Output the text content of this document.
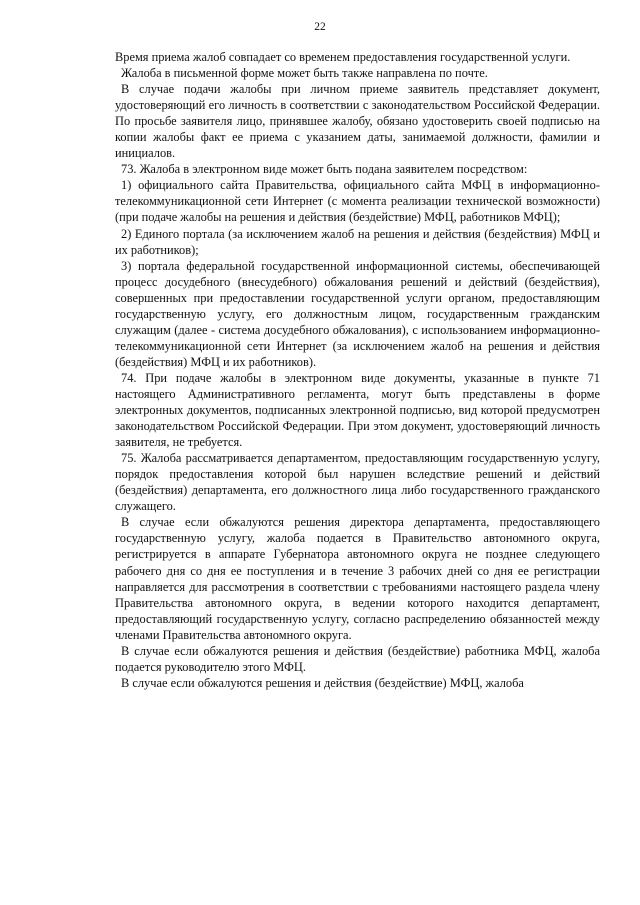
22

Время приема жалоб совпадает со временем предоставления государственной услуги.

Жалоба в письменной форме может быть также направлена по почте.

В случае подачи жалобы при личном приеме заявитель представляет документ, удостоверяющий его личность в соответствии с законодательством Российской Федерации. По просьбе заявителя лицо, принявшее жалобу, обязано удостоверить своей подписью на копии жалобы факт ее приема с указанием даты, занимаемой должности, фамилии и инициалов.

73. Жалоба в электронном виде может быть подана заявителем посредством:

1) официального сайта Правительства, официального сайта МФЦ в информационно-телекоммуникационной сети Интернет (с момента реализации технической возможности) (при подаче жалобы на решения и действия (бездействие) МФЦ, работников МФЦ);

2) Единого портала (за исключением жалоб на решения и действия (бездействия) МФЦ и их работников);

3) портала федеральной государственной информационной системы, обеспечивающей процесс досудебного (внесудебного) обжалования решений и действий (бездействия), совершенных при предоставлении государственной услуги органом, предоставляющим государственную услугу, его должностным лицом, государственным гражданским служащим (далее - система досудебного обжалования), с использованием информационно-телекоммуникационной сети Интернет (за исключением жалоб на решения и действия (бездействия) МФЦ и их работников).

74. При подаче жалобы в электронном виде документы, указанные в пункте 71 настоящего Административного регламента, могут быть представлены в форме электронных документов, подписанных электронной подписью, вид которой предусмотрен законодательством Российской Федерации. При этом документ, удостоверяющий личность заявителя, не требуется.

75. Жалоба рассматривается департаментом, предоставляющим государственную услугу, порядок предоставления которой был нарушен вследствие решений и действий (бездействия) департамента, его должностного лица либо государственного гражданского служащего.

В случае если обжалуются решения директора департамента, предоставляющего государственную услугу, жалоба подается в Правительство автономного округа, регистрируется в аппарате Губернатора автономного округа не позднее следующего рабочего дня со дня ее поступления и в течение 3 рабочих дней со дня ее регистрации направляется для рассмотрения в соответствии с требованиями настоящего раздела члену Правительства автономного округа, в ведении которого находится департамент, предоставляющий государственную услугу, согласно распределению обязанностей между членами Правительства автономного округа.

В случае если обжалуются решения и действия (бездействие) работника МФЦ, жалоба подается руководителю этого МФЦ.

В случае если обжалуются решения и действия (бездействие) МФЦ, жалоба
